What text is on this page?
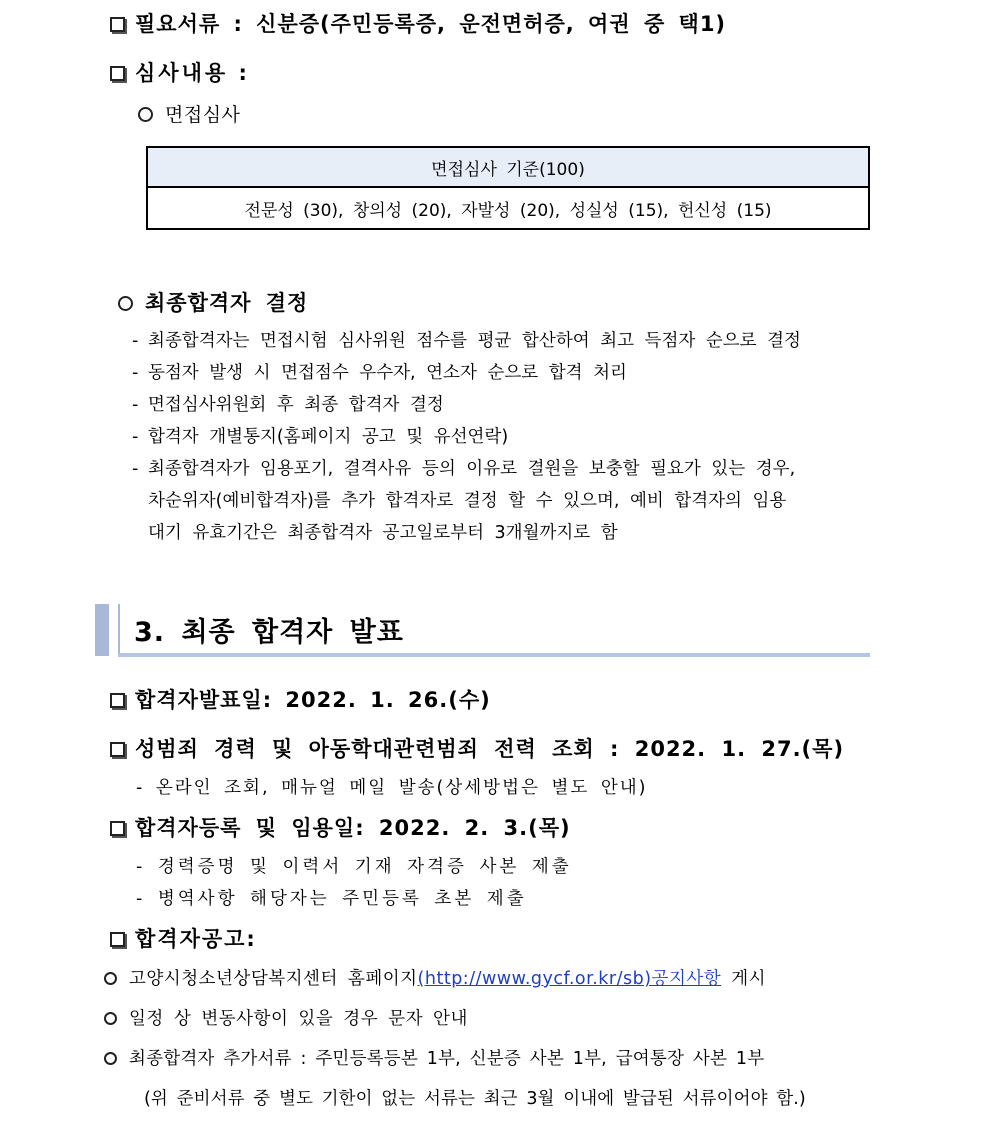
필요서류 : 신분증(주민등록증, 운전면허증, 여권 중 택1)
심사내용 :
면접심사
면접심사 기준(100)
전문성 (30), 창의성 (20), 자발성 (20), 성실성 (15), 헌신성 (15)
최종합격자 결정
- 최종합격자는 면접시험 심사위원 점수를 평균 합산하여 최고 득점자 순으로 결정
- 동점자 발생 시 면접점수 우수자, 연소자 순으로 합격 처리
- 면접심사위원회 후 최종 합격자 결정
- 합격자 개별통지(홈페이지 공고 및 유선연락)
- 최종합격자가 임용포기, 결격사유 등의 이유로 결원을 보충할 필요가 있는 경우,
차순위자(예비합격자)를 추가 합격자로 결정 할 수 있으며, 예비 합격자의 임용
대기 유효기간은 최종합격자 공고일로부터 3개월까지로 함
3. 최종 합격자 발표
합격자발표일: 2022. 1. 26.(수)
성범죄 경력 및 아동학대관련범죄 전력 조회 : 2022. 1. 27.(목)
- 온라인 조회, 매뉴얼 메일 발송(상세방법은 별도 안내)
합격자등록 및 임용일: 2022. 2. 3.(목)
- 경력증명 및 이력서 기재 자격증 사본 제출
- 병역사항 해당자는 주민등록 초본 제출
합격자공고:
고양시청소년상담복지센터 홈페이지(http://www.gycf.or.kr/sb)공지사항 게시
일정 상 변동사항이 있을 경우 문자 안내
최종합격자 추가서류 : 주민등록등본 1부, 신분증 사본 1부, 급여통장 사본 1부
(위 준비서류 중 별도 기한이 없는 서류는 최근 3월 이내에 발급된 서류이어야 함.)
